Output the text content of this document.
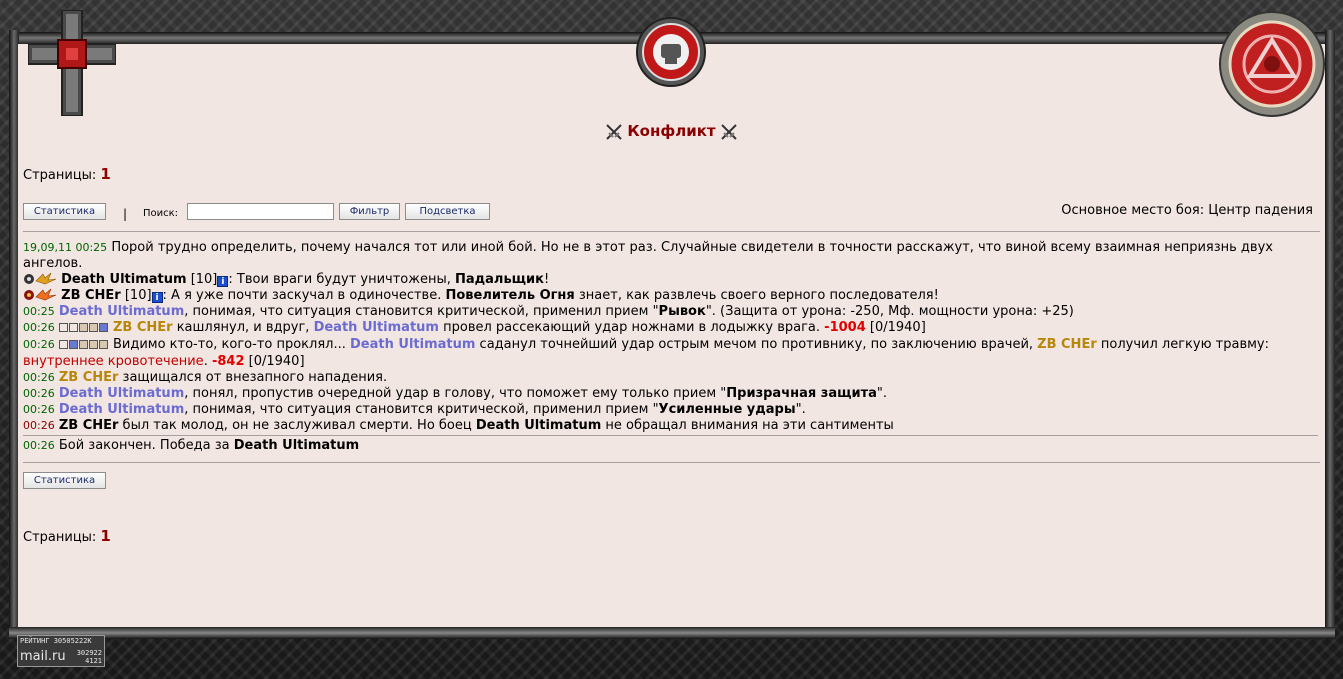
Конфликт
Страницы: 1
Статистика	| Поиск:	Фильтр	Подсветка	Основное место боя: Центр падения
19,09,11 00:25 Порой трудно определить, почему начался тот или иной бой. Но не в этот раз. Случайные свидетели в точности расскажут, что виной всему взаимная неприязнь двух ангелов.
Death Ultimatum [10] i : Твои враги будут уничтожены, Падальщик!
ZB CHEr [10] i : А я уже почти заскучал в одиночестве. Повелитель Огня знает, как развлечь своего верного последователя!
00:25 Death Ultimatum, понимая, что ситуация становится критической, применил прием "Рывок". (Защита от урона: -250, Мф. мощности урона: +25)
00:26	ZB CHEr кашлянул, и вдруг, Death Ultimatum провел рассекающий удар ножнами в лодыжку врага. -1004 [0/1940]
00:26	Видимо кто-то, кого-то проклял... Death Ultimatum саданул точнейший удар острым мечом по противнику, по заключению врачей, ZB CHEr получил легкую травму: внутреннее кровотечение. -842 [0/1940]
00:26 ZB CHEr защищался от внезапного нападения.
00:26 Death Ultimatum, понял, пропустив очередной удар в голову, что поможет ему только прием "Призрачная защита".
00:26 Death Ultimatum, понимая, что ситуация становится критической, применил прием "Усиленные удары".
00:26 ZB CHEr был так молод, он не заслуживал смерти. Но боец Death Ultimatum не обращал внимания на эти сантименты
00:26 Бой закончен. Победа за Death Ultimatum
Статистика
Страницы: 1
РЕЙТИНГ 30505222К
mail.ru 302922
4121
